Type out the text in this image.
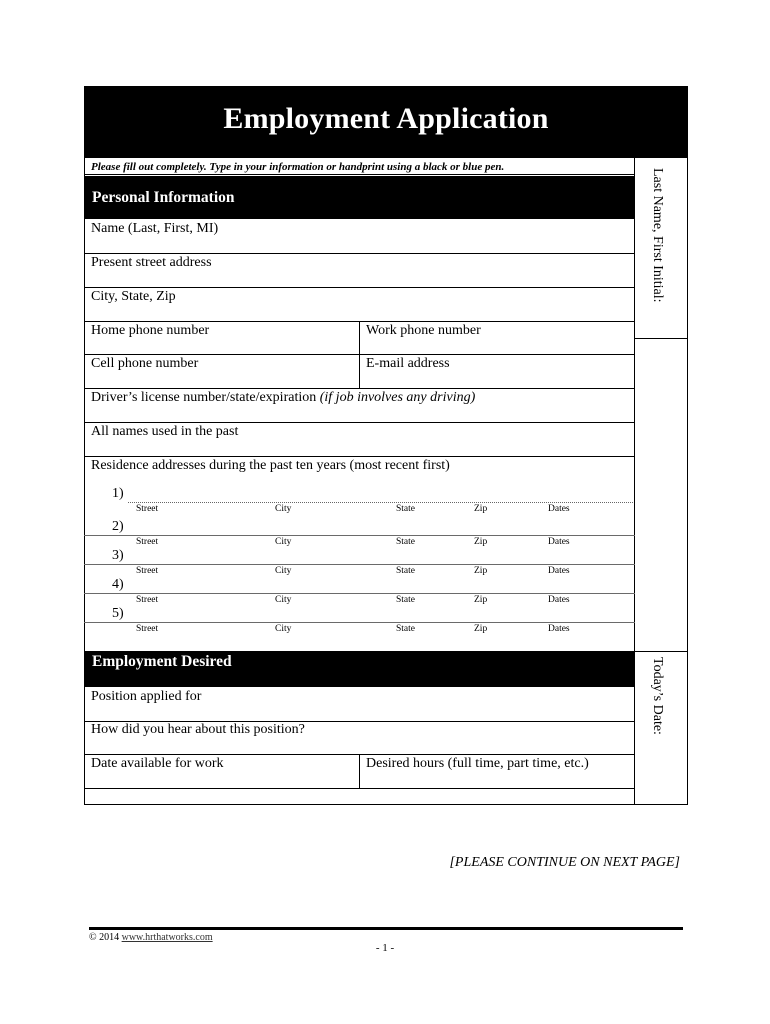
Employment Application
Please fill out completely. Type in your information or handprint using a black or blue pen.
Last Name, First Initial:
Today’s Date:
Personal Information
Name (Last, First, MI)
Present street address
City, State, Zip
Home phone number	Work phone number
Cell phone number	E-mail address
Driver’s license number/state/expiration (if job involves any driving)
All names used in the past
Residence addresses during the past ten years (most recent first)
1)
Street	City	State	Zip	Dates
2)
Street	City	State	Zip	Dates
3)
Street	City	State	Zip	Dates
4)
Street	City	State	Zip	Dates
5)
Street	City	State	Zip	Dates
Employment Desired
Position applied for
How did you hear about this position?
Date available for work	Desired hours (full time, part time, etc.)
[PLEASE CONTINUE ON NEXT PAGE]
© 2014 www.hrthatworks.com
- 1 -
